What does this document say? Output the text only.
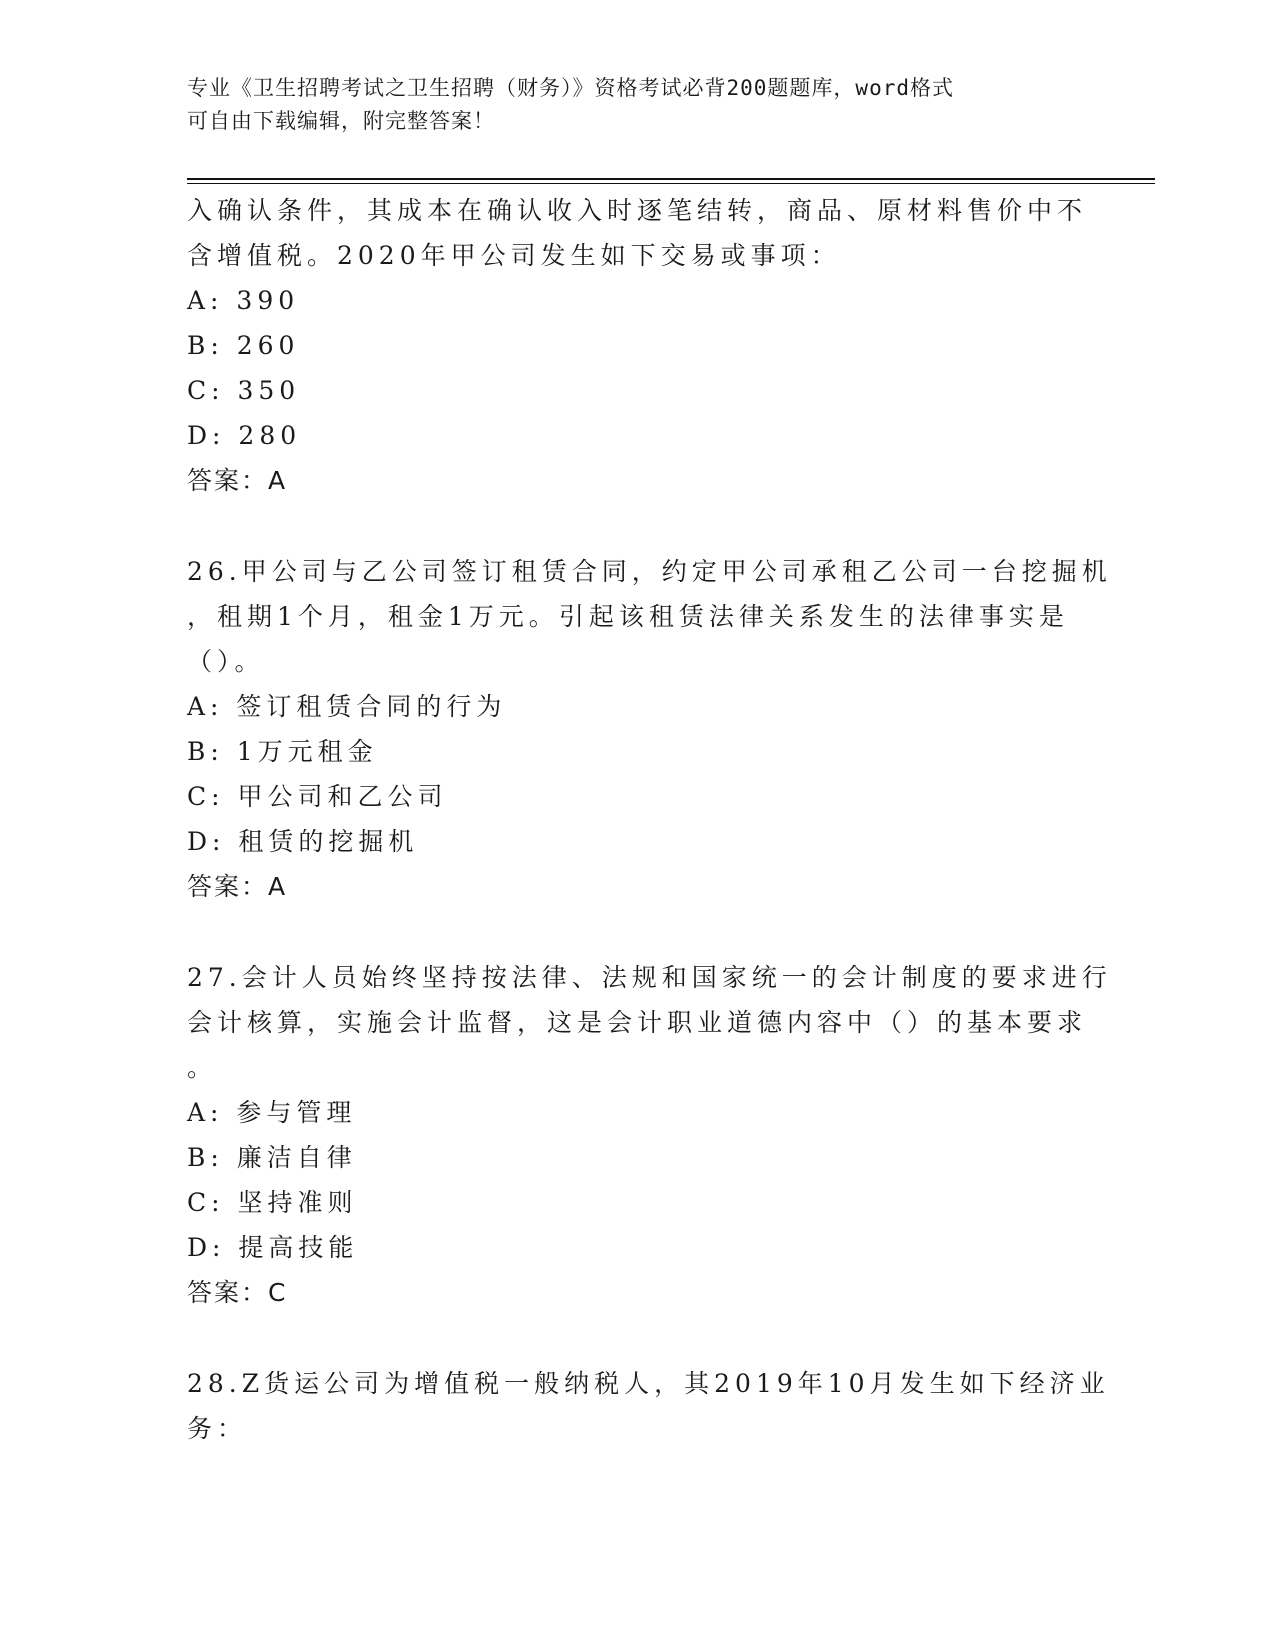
专业《卫生招聘考试之卫生招聘（财务）》资格考试必背200题题库，word格式
可自由下载编辑，附完整答案！
入确认条件，其成本在确认收入时逐笔结转，商品、原材料售价中不
含增值税。2020年甲公司发生如下交易或事项：
A: 390
B: 260
C: 350
D: 280
答案：A
26.甲公司与乙公司签订租赁合同，约定甲公司承租乙公司一台挖掘机
，租期1个月，租金1万元。引起该租赁法律关系发生的法律事实是
（）。
A: 签订租赁合同的行为
B: 1万元租金
C: 甲公司和乙公司
D: 租赁的挖掘机
答案：A
27.会计人员始终坚持按法律、法规和国家统一的会计制度的要求进行
会计核算，实施会计监督，这是会计职业道德内容中（）的基本要求
。
A: 参与管理
B: 廉洁自律
C: 坚持准则
D: 提高技能
答案：C
28.Z货运公司为增值税一般纳税人，其2019年10月发生如下经济业
务：
